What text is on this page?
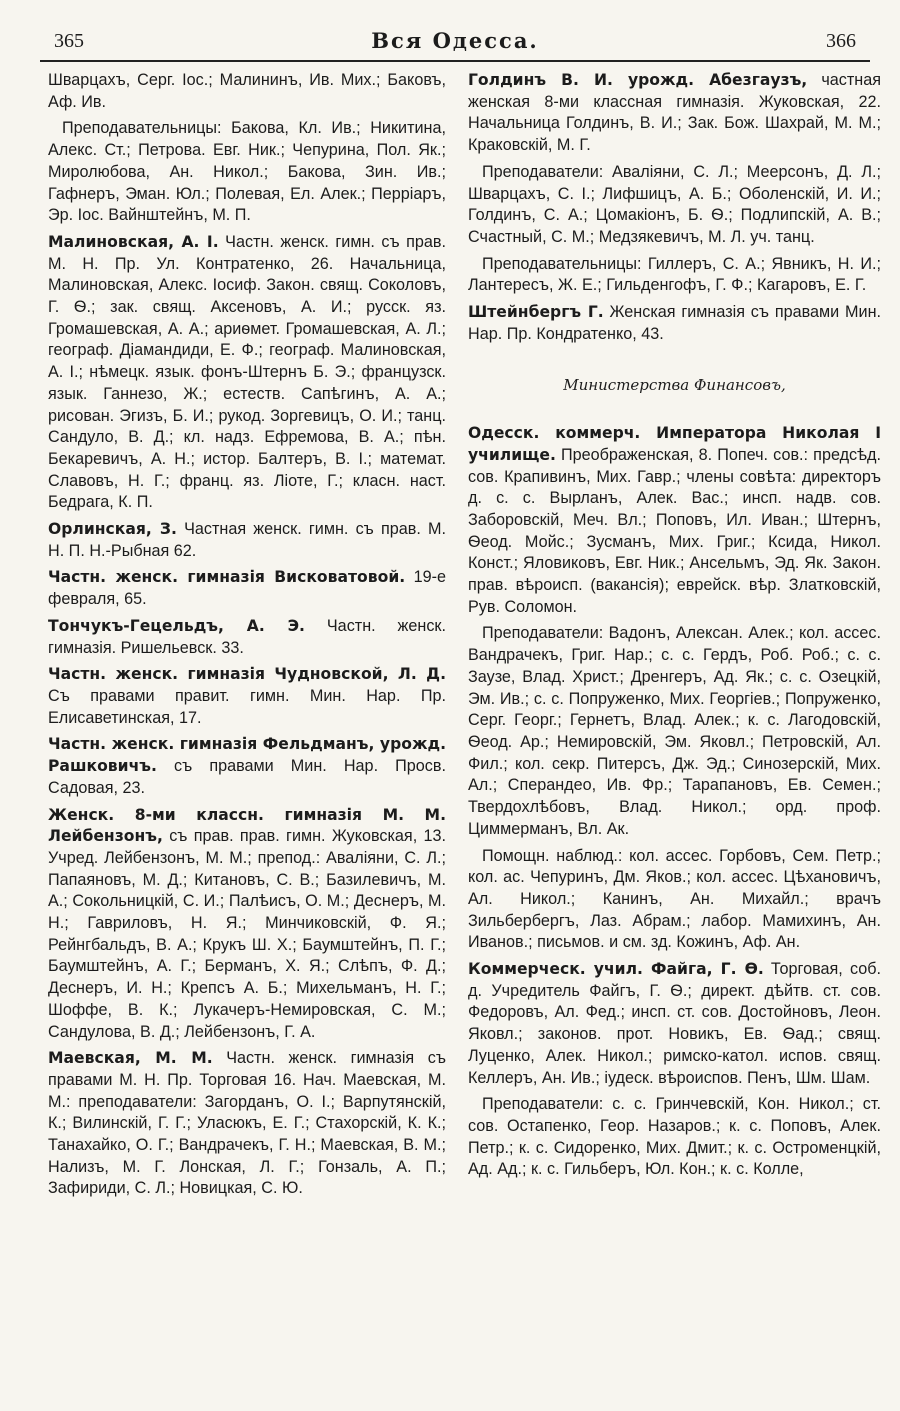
365	Вся Одесса.	366

Шварцахъ, Серг. Іос.; Малининъ, Ив. Мих.; Баковъ, Аф. Ив.

Преподавательницы: Бакова, Кл. Ив.; Никитина, Алекс. Ст.; Петрова. Евг. Ник.; Чепурина, Пол. Як.; Миролюбова, Ан. Никол.; Бакова, Зин. Ив.; Гафнеръ, Эман. Юл.; Полевая, Ел. Алек.; Перріаръ, Эр. Іос. Вайнштейнъ, М. П.

Малиновская, А. І. Частн. женск. гимн. съ прав. М. Н. Пр. Ул. Контратенко, 26. Начальница, Малиновская, Алекс. Іосиф. Закон. свящ. Соколовъ, Г. Ѳ.; зак. свящ. Аксеновъ, А. И.; русск. яз. Громашевская, А. А.; ариѳмет. Громашевская, А. Л.; географ. Діамандиди, Е. Ф.; географ. Малиновская, А. І.; нѣмецк. язык. фонъ-Штернъ Б. Э.; французск. язык. Ганнезо, Ж.; естеств. Сапѣгинъ, А. А.; рисован. Эгизъ, Б. И.; рукод. Зоргевицъ, О. И.; танц. Сандуло, В. Д.; кл. надз. Ефремова, В. А.; пѣн. Бекаревичъ, А. Н.; истор. Балтеръ, В. І.; математ. Славовъ, Н. Г.; франц. яз. Ліоте, Г.; класн. наст. Бедрага, К. П.

Орлинская, З. Частная женск. гимн. съ прав. М. Н. П. Н.-Рыбная 62.

Частн. женск. гимназія Висковатовой. 19-е февраля, 65.

Тончукъ-Гецельдъ, А. Э. Частн. женск. гимназія. Ришельевск. 33.

Частн. женск. гимназія Чудновской, Л. Д. Съ правами правит. гимн. Мин. Нар. Пр. Елисаветинская, 17.

Частн. женск. гимназія Фельдманъ, урожд. Рашковичъ. съ правами Мин. Нар. Просв. Садовая, 23.

Женск. 8-ми классн. гимназія М. М. Лейбензонъ, съ прав. прав. гимн. Жуковская, 13. Учред. Лейбензонъ, М. М.; препод.: Аваліяни, С. Л.; Папаяновъ, М. Д.; Китановъ, С. В.; Базилевичъ, М. А.; Сокольницкій, С. И.; Палѣисъ, О. М.; Деснеръ, М. Н.; Гавриловъ, Н. Я.; Минчиковскій, Ф. Я.; Рейнгбальдъ, В. А.; Крукъ Ш. Х.; Баумштейнъ, П. Г.; Баумштейнъ, А. Г.; Берманъ, Х. Я.; Слѣпъ, Ф. Д.; Деснеръ, И. Н.; Крепсъ А. Б.; Михельманъ, Н. Г.; Шоффе, В. К.; Лукачеръ-Немировская, С. М.; Сандулова, В. Д.; Лейбензонъ, Г. А.

Маевская, М. М. Частн. женск. гимназія съ правами М. Н. Пр. Торговая 16. Нач. Маевская, М. М.: преподаватели: Загорданъ, О. І.; Варпутянскій, К.; Вилинскій, Г. Г.; Уласюкъ, Е. Г.; Стахорскій, К. К.; Танахайко, О. Г.; Вандрачекъ, Г. Н.; Маевская, В. М.; Нализъ, М. Г. Лонская, Л. Г.; Гонзаль, А. П.; Зафириди, С. Л.; Новицкая, С. Ю.

Голдинъ В. И. урожд. Абезгаузъ, частная женская 8-ми классная гимназія. Жуковская, 22. Начальница Голдинъ, В. И.; Зак. Бож. Шахрай, М. М.; Краковскій, М. Г.

Преподаватели: Аваліяни, С. Л.; Меерсонъ, Д. Л.; Шварцахъ, С. І.; Лифшицъ, А. Б.; Оболенскій, И. И.; Голдинъ, С. А.; Цомакіонъ, Б. Ѳ.; Подлипскій, А. В.; Счастный, С. М.; Медзякевичъ, М. Л. уч. танц.

Преподавательницы: Гиллеръ, С. А.; Явникъ, Н. И.; Лантересъ, Ж. Е.; Гильденгофъ, Г. Ф.; Кагаровъ, Е. Г.

Штейнбергъ Г. Женская гимназія съ правами Мин. Нар. Пр. Кондратенко, 43.

Министерства Финансовъ,

Одесск. коммерч. Императора Николая І училище. Преображенская, 8. Попеч. сов.: предсѣд. сов. Крапивинъ, Мих. Гавр.; члены совѣта: директоръ д. с. с. Вырланъ, Алек. Вас.; инсп. надв. сов. Заборовскій, Меч. Вл.; Поповъ, Ил. Иван.; Штернъ, Ѳеод. Мойс.; Зусманъ, Мих. Григ.; Ксида, Никол. Конст.; Яловиковъ, Евг. Ник.; Ансельмъ, Эд. Як. Закон. прав. вѣроисп. (вакансія); еврейск. вѣр. Златковскій, Рув. Соломон.

Преподаватели: Вадонъ, Алексан. Алек.; кол. ассес. Вандрачекъ, Григ. Нар.; с. с. Гердъ, Роб. Роб.; с. с. Заузе, Влад. Христ.; Дренгеръ, Ад. Як.; с. с. Озецкій, Эм. Ив.; с. с. Попруженко, Мих. Георгіев.; Попруженко, Серг. Георг.; Гернетъ, Влад. Алек.; к. с. Лагодовскій, Ѳеод. Ар.; Немировскій, Эм. Яковл.; Петровскій, Ал. Фил.; кол. секр. Питерсъ, Дж. Эд.; Синозерскій, Мих. Ал.; Сперандео, Ив. Фр.; Тарапановъ, Ев. Семен.; Твердохлѣбовъ, Влад. Никол.; орд. проф. Циммерманъ, Вл. Ак.

Помощн. наблюд.: кол. ассес. Горбовъ, Сем. Петр.; кол. ас. Чепуринъ, Дм. Яков.; кол. ассес. Цѣхановичъ, Ал. Никол.; Канинъ, Ан. Михайл.; врачъ Зильбербергъ, Лаз. Абрам.; лабор. Мамихинъ, Ан. Иванов.; письмов. и см. зд. Кожинъ, Аф. Ан.

Коммерческ. учил. Файга, Г. Ѳ. Торговая, соб. д. Учредитель Файгъ, Г. Ѳ.; директ. дѣйтв. ст. сов. Федоровъ, Ал. Фед.; инсп. ст. сов. Достойновъ, Леон. Яковл.; законов. прот. Новикъ, Ев. Ѳад.; свящ. Луценко, Алек. Никол.; римско-катол. испов. свящ. Келлеръ, Ан. Ив.; іудеск. вѣроиспов. Пенъ, Шм. Шам.

Преподаватели: с. с. Гринчевскій, Кон. Никол.; ст. сов. Остапенко, Геор. Назаров.; к. с. Поповъ, Алек. Петр.; к. с. Сидоренко, Мих. Дмит.; к. с. Остроменцкій, Ад. Ад.; к. с. Гильберъ, Юл. Кон.; к. с. Колле,
